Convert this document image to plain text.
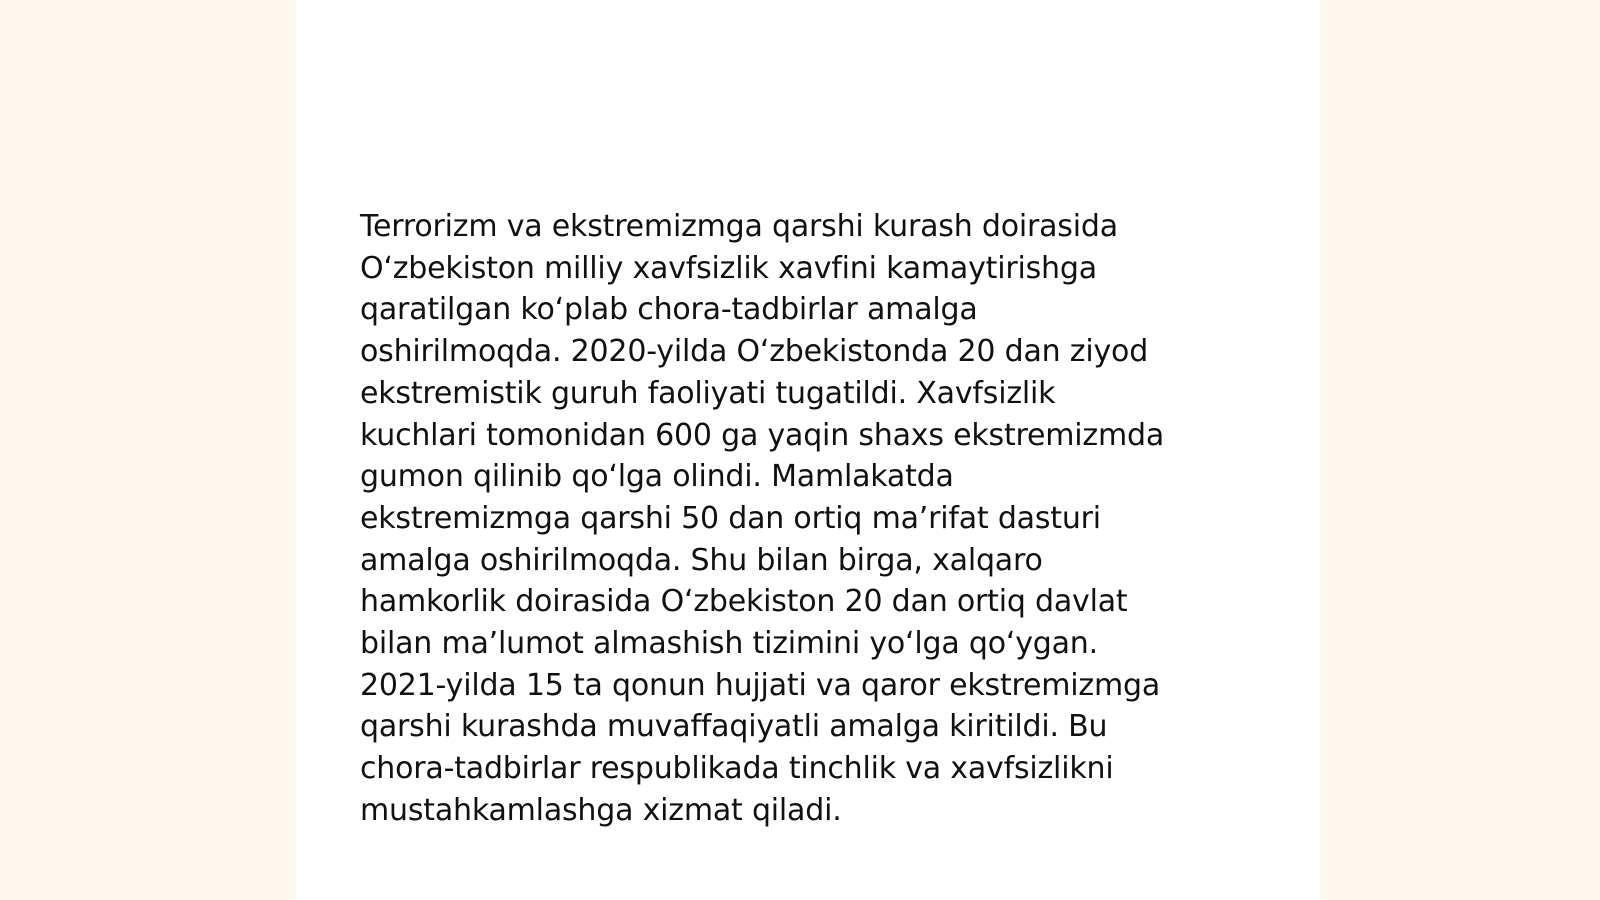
Terrorizm va ekstremizmga qarshi kurash doirasida
Oʻzbekiston milliy xavfsizlik xavfini kamaytirishga
qaratilgan koʻplab chora-tadbirlar amalga
oshirilmoqda. 2020-yilda Oʻzbekistonda 20 dan ziyod
ekstremistik guruh faoliyati tugatildi. Xavfsizlik
kuchlari tomonidan 600 ga yaqin shaxs ekstremizmda
gumon qilinib qoʻlga olindi. Mamlakatda
ekstremizmga qarshi 50 dan ortiq maʼrifat dasturi
amalga oshirilmoqda. Shu bilan birga, xalqaro
hamkorlik doirasida Oʻzbekiston 20 dan ortiq davlat
bilan maʼlumot almashish tizimini yoʻlga qoʻygan.
2021-yilda 15 ta qonun hujjati va qaror ekstremizmga
qarshi kurashda muvaffaqiyatli amalga kiritildi. Bu
chora-tadbirlar respublikada tinchlik va xavfsizlikni
mustahkamlashga xizmat qiladi.
